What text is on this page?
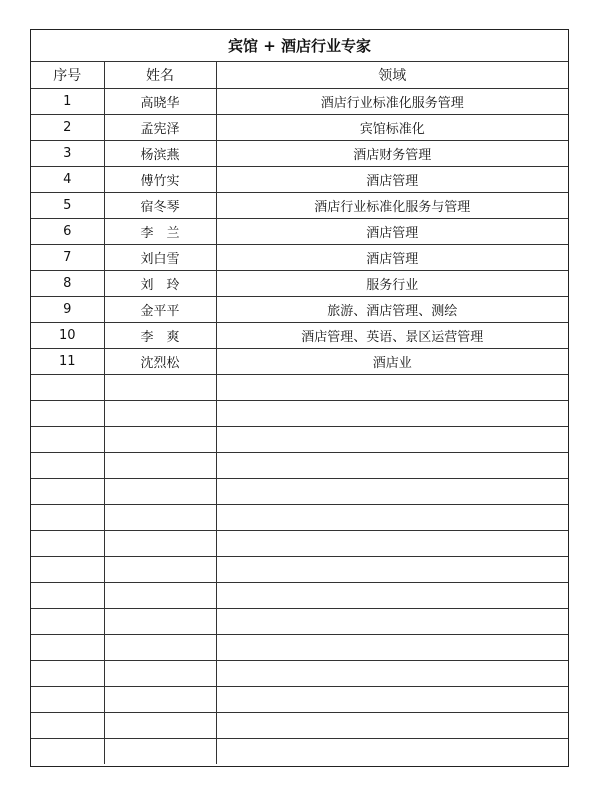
宾馆 + 酒店行业专家		
序号	姓名	领域
1	高晓华	酒店行业标准化服务管理
2	孟宪泽	宾馆标准化
3	杨滨燕	酒店财务管理
4	傅竹实	酒店管理
5	宿冬琴	酒店行业标准化服务与管理
6	李　兰	酒店管理
7	刘白雪	酒店管理
8	刘　玲	服务行业
9	金平平	旅游、酒店管理、测绘
10	李　爽	酒店管理、英语、景区运营管理
11	沈烈松	酒店业
